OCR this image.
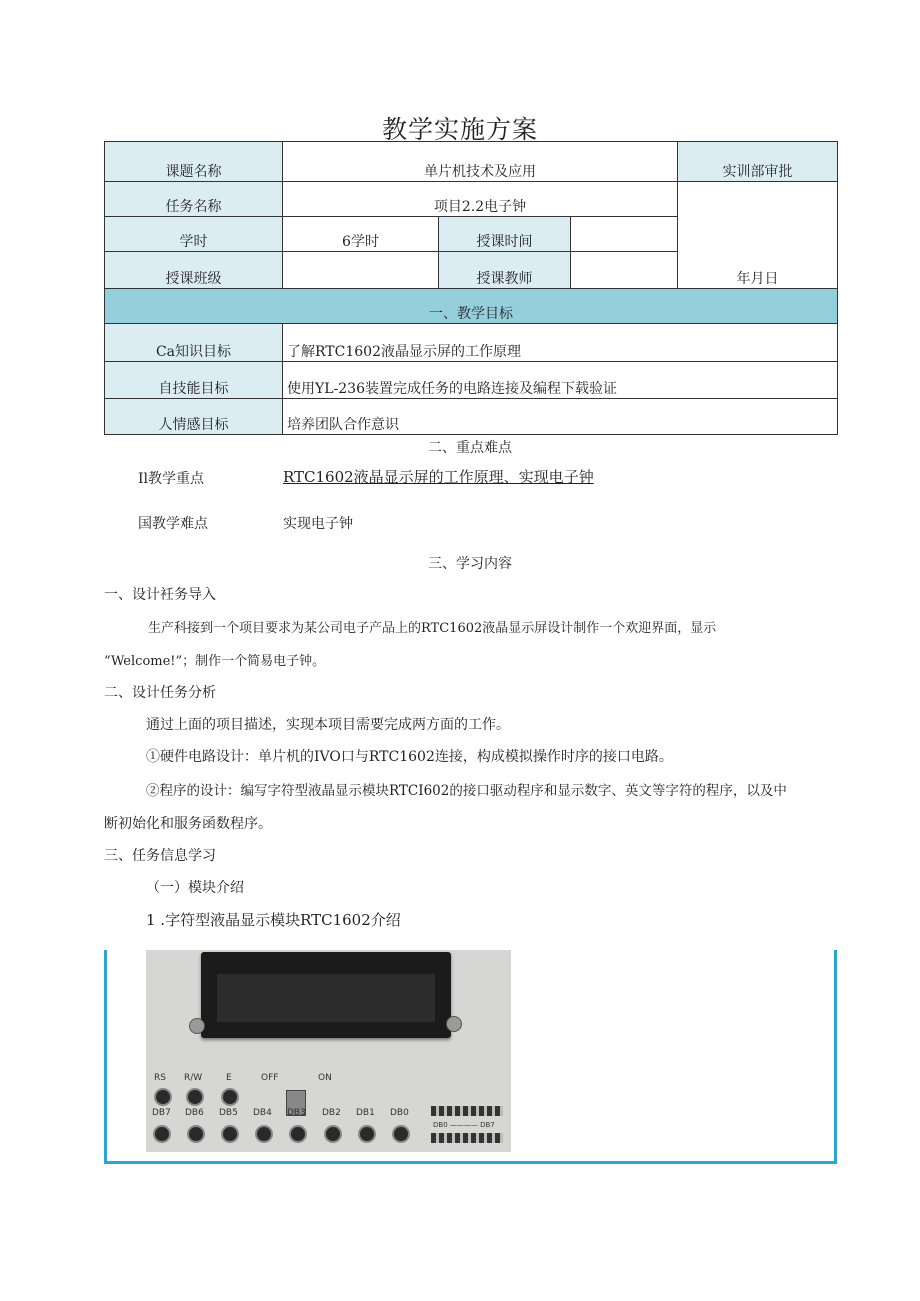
教学实施方案
课题名称	单片机技术及应用			实训部审批
任务名称	项目2.2电子钟			年月日
学时	6学时	授课时间		
授课班级		授课教师		
一、教学目标				
Ca知识目标	了解RTC1602液晶显示屏的工作原理			
自技能目标	使用YL-236装置完成任务的电路连接及编程下载验证			
人情感目标	培养团队合作意识			
二、重点难点
Il教学重点	RTC1602液晶显示屏的工作原理、实现电子钟
国教学难点	实现电子钟
三、学习内容
一、设计衽务导入
生产科接到一个项目要求为某公司电子产品上的RTC1602液晶显示屏设计制作一个欢迎界面，显示
“Welcome!”；制作一个简易电子钟。
二、设计任务分析
通过上面的项目描述，实现本项目需要完成两方面的工作。
①硬件电路设计：单片机的IVO口与RTC1602连接，构成模拟操作时序的接口电路。
②程序的设计：编写字符型液晶显示模块RTCI602的接口驱动程序和显示数字、英文等字符的程序，以及中
断初始化和服务函数程序。
三、任务信息学习
（一）模块介绍
1 .字符型液晶显示模块RTC1602介绍
RS R/W	E	OFF	ON
DB0 ———— DB7
DB7 DB6 DB5 DB4 DB3 DB2 DB1 DB0
